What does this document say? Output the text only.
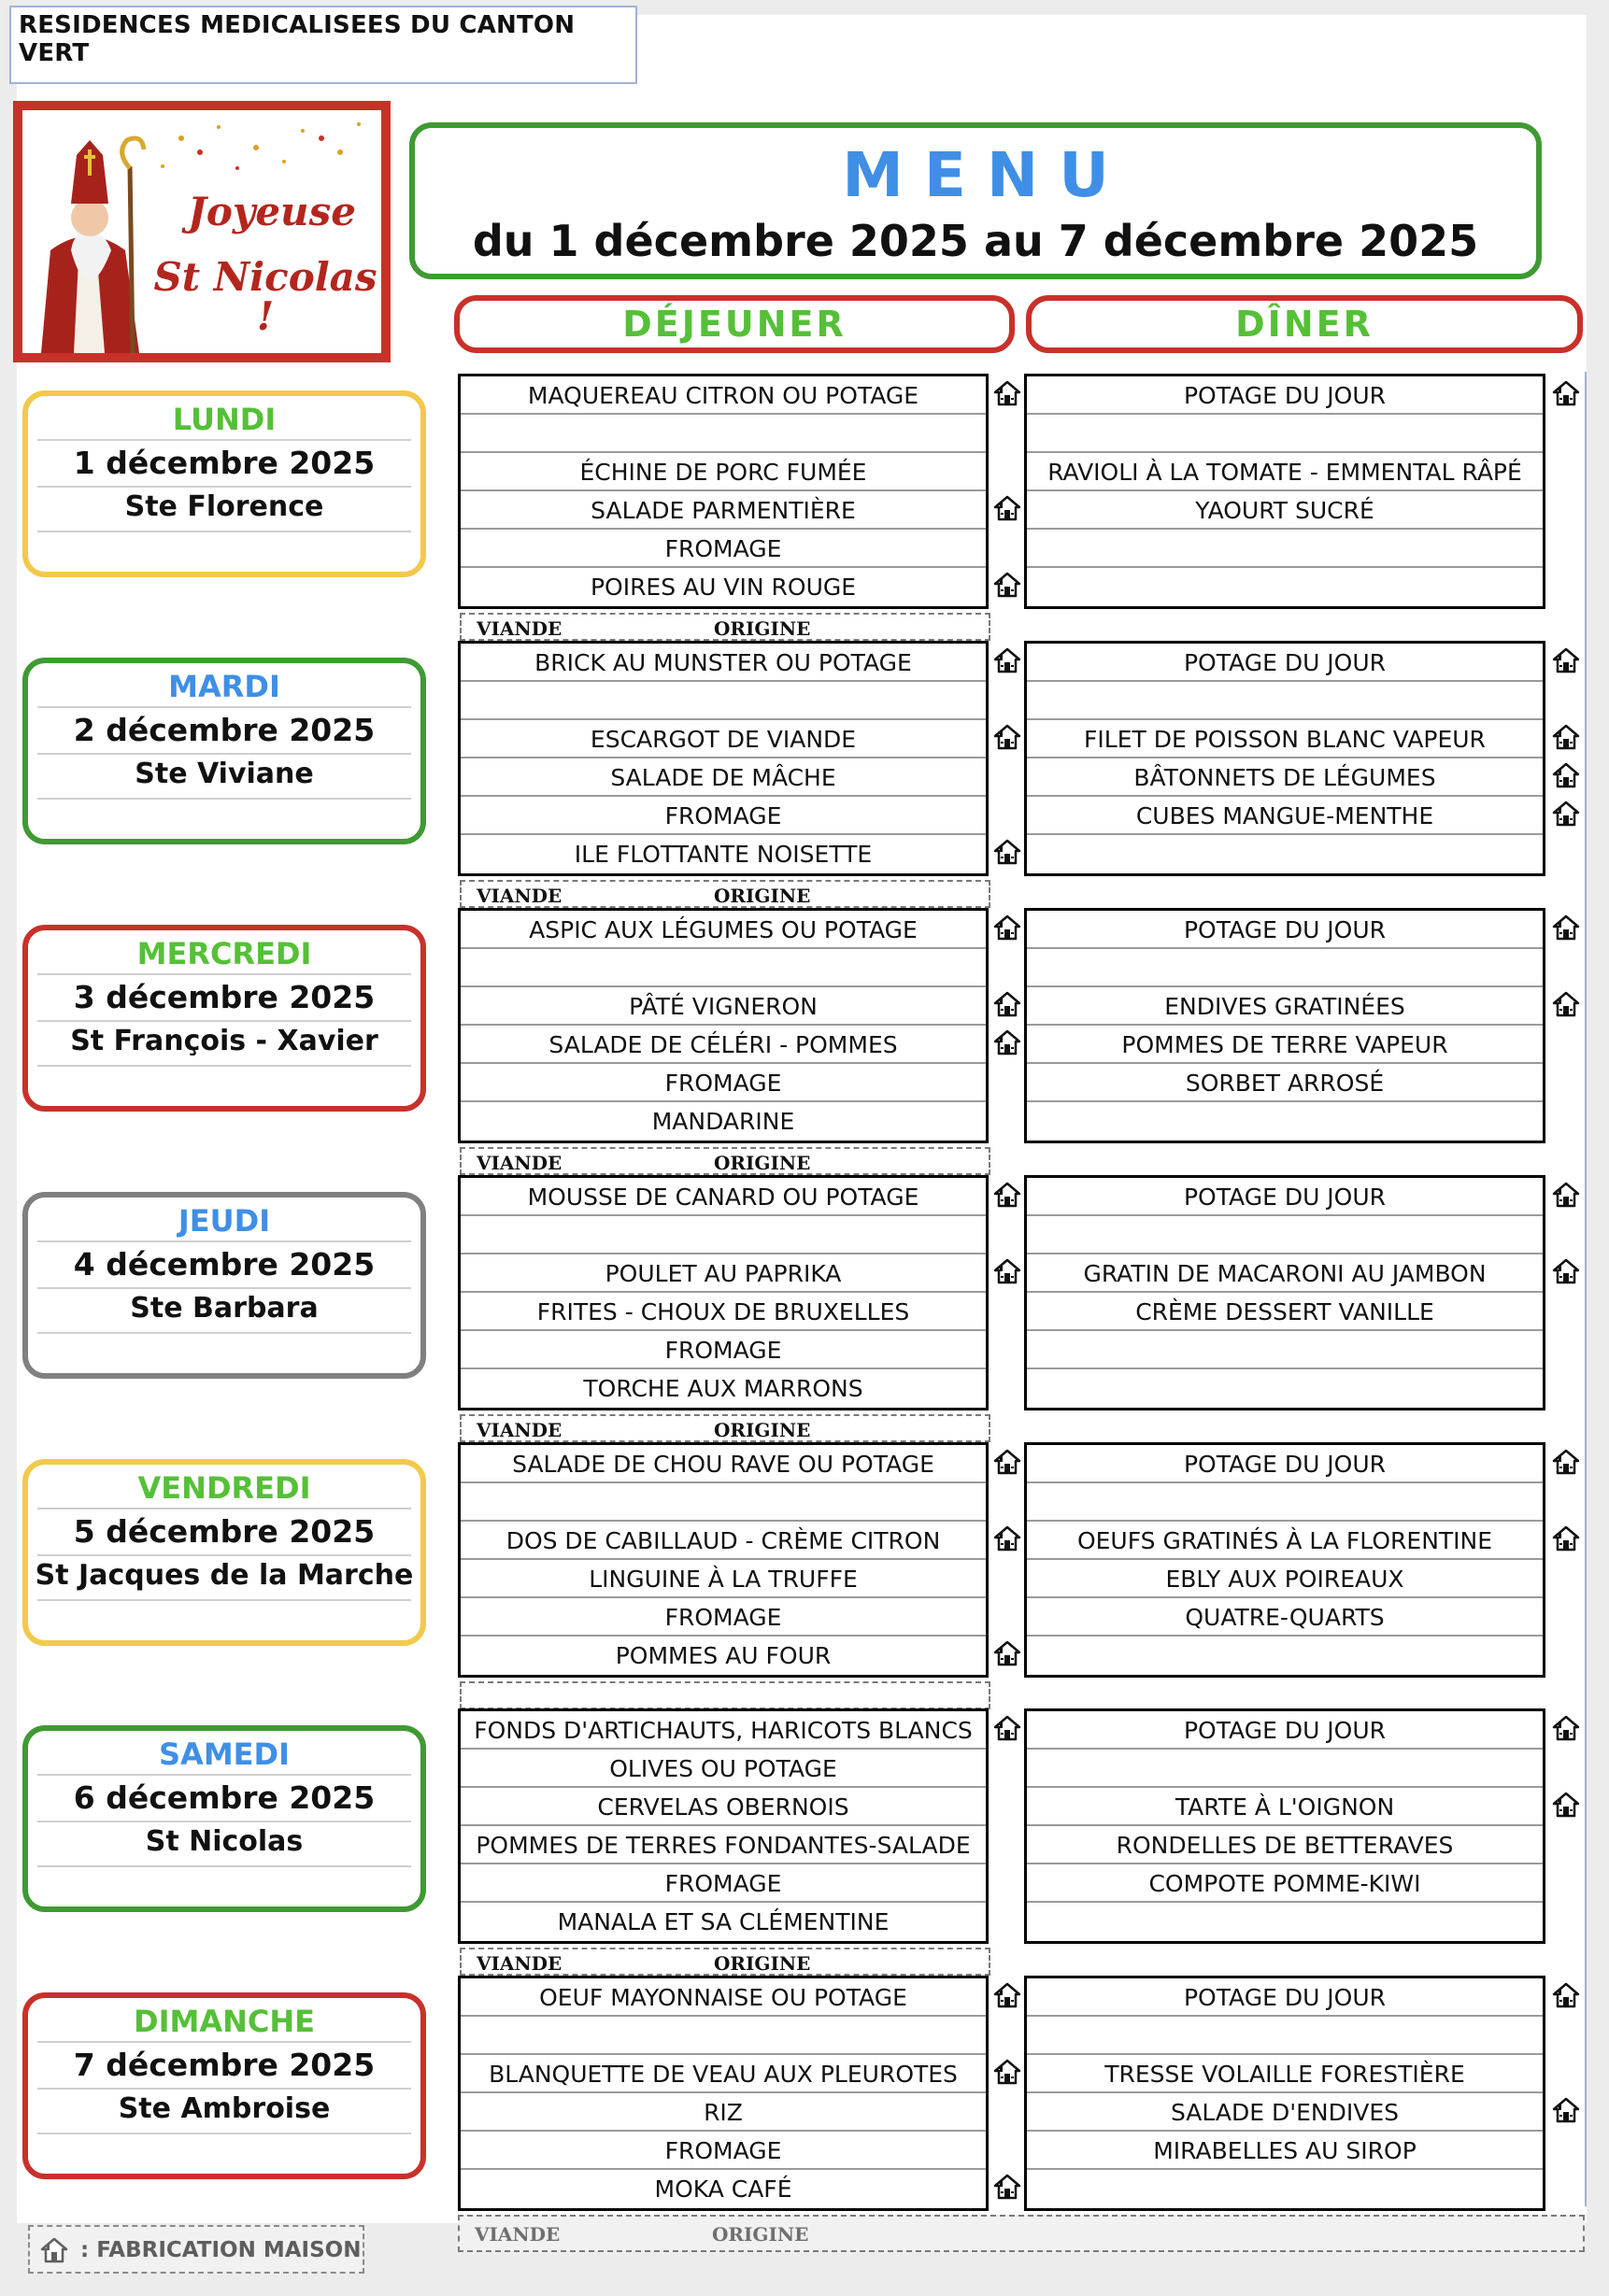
RESIDENCES MEDICALISEES DU CANTON VERT
Joyeuse
St Nicolas !
MENU
du 1 décembre 2025 au 7 décembre 2025
DÉJEUNER	DÎNER
LUNDI
1 décembre 2025
Ste Florence
MAQUEREAU CITRON OU POTAGE
ÉCHINE DE PORC FUMÉE
SALADE PARMENTIÈRE
FROMAGE
POIRES AU VIN ROUGE
POTAGE DU JOUR
RAVIOLI À LA TOMATE - EMMENTAL RÂPÉ
YAOURT SUCRÉ
VIANDE	ORIGINE
MARDI
2 décembre 2025
Ste Viviane
BRICK AU MUNSTER OU POTAGE
ESCARGOT DE VIANDE
SALADE DE MÂCHE
FROMAGE
ILE FLOTTANTE NOISETTE
POTAGE DU JOUR
FILET DE POISSON BLANC VAPEUR
BÂTONNETS DE LÉGUMES
CUBES MANGUE-MENTHE
VIANDE	ORIGINE
MERCREDI
3 décembre 2025
St François - Xavier
ASPIC AUX LÉGUMES OU POTAGE
PÂTÉ VIGNERON
SALADE DE CÉLÉRI - POMMES
FROMAGE
MANDARINE
POTAGE DU JOUR
ENDIVES GRATINÉES
POMMES DE TERRE VAPEUR
SORBET ARROSÉ
VIANDE	ORIGINE
JEUDI
4 décembre 2025
Ste Barbara
MOUSSE DE CANARD OU POTAGE
POULET AU PAPRIKA
FRITES - CHOUX DE BRUXELLES
FROMAGE
TORCHE AUX MARRONS
POTAGE DU JOUR
GRATIN DE MACARONI AU JAMBON
CRÈME DESSERT VANILLE
VIANDE	ORIGINE
VENDREDI
5 décembre 2025
St Jacques de la Marche
SALADE DE CHOU RAVE OU POTAGE
DOS DE CABILLAUD - CRÈME CITRON
LINGUINE À LA TRUFFE
FROMAGE
POMMES AU FOUR
POTAGE DU JOUR
OEUFS GRATINÉS À LA FLORENTINE
EBLY AUX POIREAUX
QUATRE-QUARTS
SAMEDI
6 décembre 2025
St Nicolas
FONDS D'ARTICHAUTS, HARICOTS BLANCS
OLIVES OU POTAGE
CERVELAS OBERNOIS
POMMES DE TERRES FONDANTES-SALADE
FROMAGE
MANALA ET SA CLÉMENTINE
POTAGE DU JOUR
TARTE À L'OIGNON
RONDELLES DE BETTERAVES
COMPOTE POMME-KIWI
VIANDE	ORIGINE
DIMANCHE
7 décembre 2025
Ste Ambroise
OEUF MAYONNAISE OU POTAGE
BLANQUETTE DE VEAU AUX PLEUROTES
RIZ
FROMAGE
MOKA CAFÉ
POTAGE DU JOUR
TRESSE VOLAILLE FORESTIÈRE
SALADE D'ENDIVES
MIRABELLES AU SIROP
VIANDE	ORIGINE
: FABRICATION MAISON
